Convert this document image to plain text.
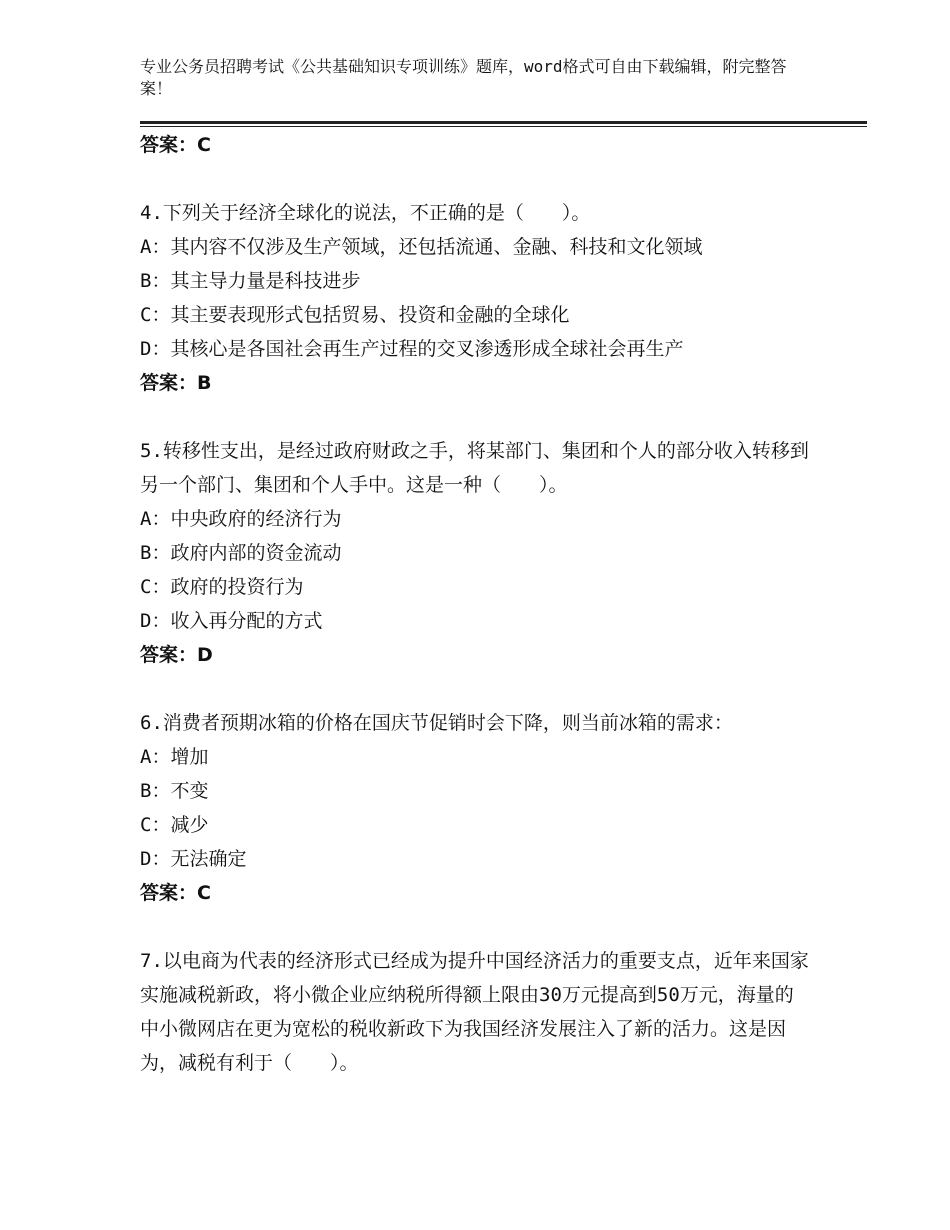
专业公务员招聘考试《公共基础知识专项训练》题库，word格式可自由下载编辑，附完整答案！
答案：C

4.下列关于经济全球化的说法，不正确的是（　　）。

A：其内容不仅涉及生产领域，还包括流通、金融、科技和文化领域
B：其主导力量是科技进步
C：其主要表现形式包括贸易、投资和金融的全球化
D：其核心是各国社会再生产过程的交叉渗透形成全球社会再生产
答案：B

5.转移性支出，是经过政府财政之手，将某部门、集团和个人的部分收入转移到另一个部门、集团和个人手中。这是一种（　　）。

A：中央政府的经济行为
B：政府内部的资金流动
C：政府的投资行为
D：收入再分配的方式
答案：D

6.消费者预期冰箱的价格在国庆节促销时会下降，则当前冰箱的需求：

A：增加
B：不变
C：减少
D：无法确定
答案：C

7.以电商为代表的经济形式已经成为提升中国经济活力的重要支点，近年来国家实施减税新政，将小微企业应纳税所得额上限由30万元提高到50万元，海量的中小微网店在更为宽松的税收新政下为我国经济发展注入了新的活力。这是因为，减税有利于（　　）。
